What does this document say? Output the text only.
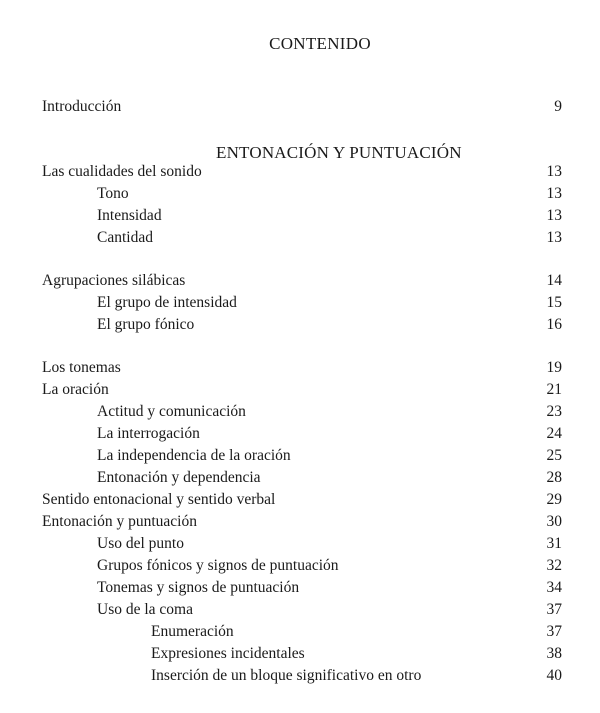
CONTENIDO
Introducción	9
ENTONACIÓN Y PUNTUACIÓN
Las cualidades del sonido	13
Tono	13
Intensidad	13
Cantidad	13
Agrupaciones silábicas	14
El grupo de intensidad	15
El grupo fónico	16
Los tonemas	19
La oración	21
Actitud y comunicación	23
La interrogación	24
La independencia de la oración	25
Entonación y dependencia	28
Sentido entonacional y sentido verbal	29
Entonación y puntuación	30
Uso del punto	31
Grupos fónicos y signos de puntuación	32
Tonemas y signos de puntuación	34
Uso de la coma	37
Enumeración	37
Expresiones incidentales	38
Inserción de un bloque significativo en otro	40
